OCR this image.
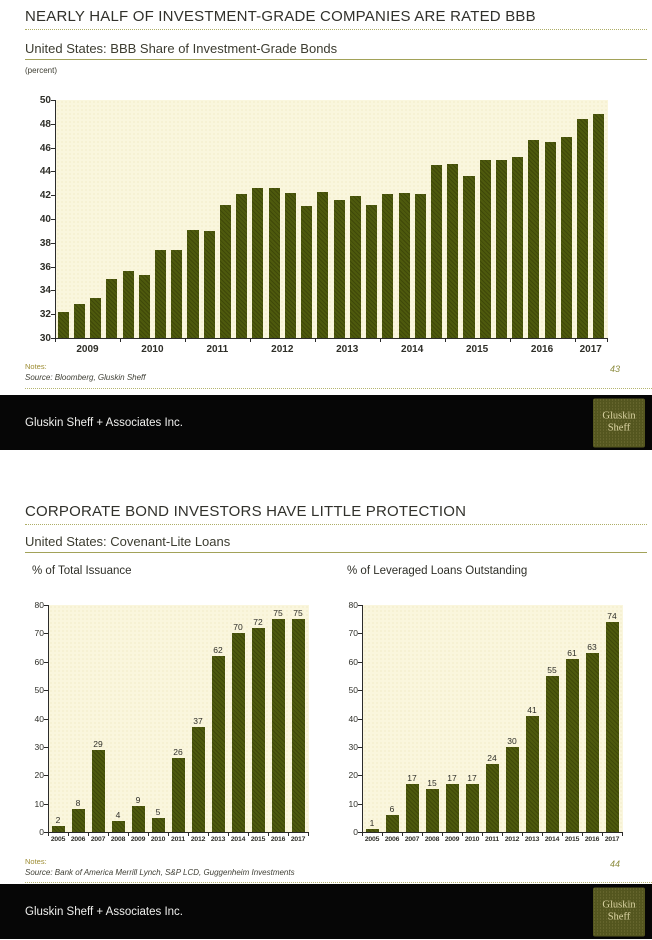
NEARLY HALF OF INVESTMENT-GRADE COMPANIES ARE RATED BBB
United States: BBB Share of Investment-Grade Bonds
(percent)
30
32
34
36
38
40
42
44
46
48
50
2009	2010	2011	2012	2013	2014	2015	2016	2017
Notes:
Source: Bloomberg, Gluskin Sheff
43
Gluskin Sheff + Associates Inc.
Gluskin
Sheff
CORPORATE BOND INVESTORS HAVE LITTLE PROTECTION
United States: Covenant-Lite Loans
% of Total Issuance	% of Leveraged Loans Outstanding
0
10
20
30
40
50
60
70
80
2
8
29
4
9
5
26
37
62
70
72
75	75
2005 2006 2007 2008 2009 2010 2011 2012 2013 2014 2015 2016 2017
0
10
20
30
40
50
60
70
80
1
6
17
15
17	17
24
30
41
55
61
63
74
2005 2006 2007 2008 2009 2010 2011 2012 2013 2014 2015 2016 2017
Notes:
Source: Bank of America Merrill Lynch, S&P LCD, Guggenheim Investments
44
Gluskin Sheff + Associates Inc.
Gluskin
Sheff
